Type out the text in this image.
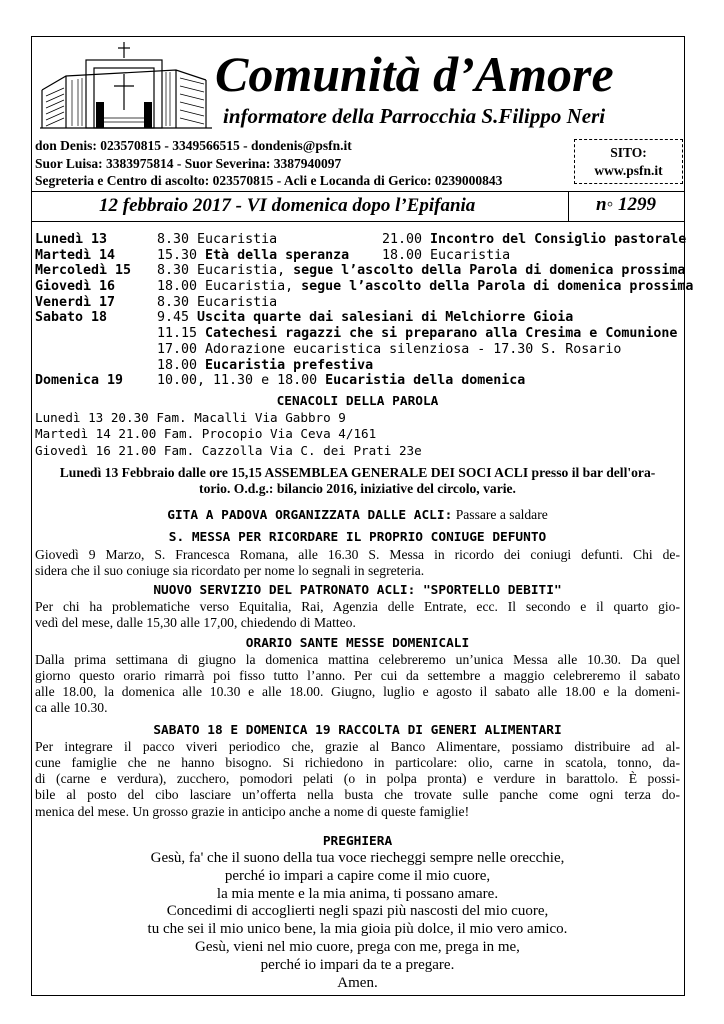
Comunità d’Amore
informatore della Parrocchia S.Filippo Neri
don Denis: 023570815 - 3349566515 - dondenis@psfn.it
Suor Luisa: 3383975814 - Suor Severina: 3387940097
Segreteria e Centro di ascolto: 023570815 - Acli e Locanda di Gerico: 0239000843
SITO:
www.psfn.it
12 febbraio 2017 - VI domenica dopo l’Epifania	n◦ 1299
Lunedì 13	8.30 Eucaristia	21.00 Incontro del Consiglio pastorale
Martedì 14	15.30 Età della speranza 18.00 Eucaristia
Mercoledì 15 8.30 Eucaristia, segue l’ascolto della Parola di domenica prossima
Giovedì 16	18.00 Eucaristia, segue l’ascolto della Parola di domenica prossima
Venerdì 17	8.30 Eucaristia
Sabato 18	9.45 Uscita quarte dai salesiani di Melchiorre Gioia
11.15 Catechesi ragazzi che si preparano alla Cresima e Comunione
17.00 Adorazione eucaristica silenziosa - 17.30 S. Rosario
18.00 Eucaristia prefestiva
Domenica 19	10.00, 11.30 e 18.00 Eucaristia della domenica

CENACOLI DELLA PAROLA

Lunedì 13 20.30 Fam. Macalli Via Gabbro 9

Martedì 14 21.00 Fam. Procopio Via Ceva 4/161

Giovedì 16 21.00 Fam. Cazzolla Via C. dei Prati 23e

Lunedì 13 Febbraio dalle ore 15,15 ASSEMBLEA GENERALE DEI SOCI ACLI presso il bar dell'ora-

torio. O.d.g.: bilancio 2016, iniziative del circolo, varie.

GITA A PADOVA ORGANIZZATA DALLE ACLI: Passare a saldare

S. MESSA PER RICORDARE IL PROPRIO CONIUGE DEFUNTO

Giovedì 9 Marzo, S. Francesca Romana, alle 16.30 S. Messa in ricordo dei coniugi defunti. Chi de-

sidera che il suo coniuge sia ricordato per nome lo segnali in segreteria.

NUOVO SERVIZIO DEL PATRONATO ACLI: "SPORTELLO DEBITI"

Per chi ha problematiche verso Equitalia, Rai, Agenzia delle Entrate, ecc. Il secondo e il quarto gio-

vedì del mese, dalle 15,30 alle 17,00, chiedendo di Matteo.

ORARIO SANTE MESSE DOMENICALI

Dalla prima settimana di giugno la domenica mattina celebreremo un’unica Messa alle 10.30. Da quel

giorno questo orario rimarrà poi fisso tutto l’anno. Per cui da settembre a maggio celebreremo il sabato

alle 18.00, la domenica alle 10.30 e alle 18.00. Giugno, luglio e agosto il sabato alle 18.00 e la domeni-

ca alle 10.30.

SABATO 18 E DOMENICA 19 RACCOLTA DI GENERI ALIMENTARI

Per integrare il pacco viveri periodico che, grazie al Banco Alimentare, possiamo distribuire ad al-

cune famiglie che ne hanno bisogno. Si richiedono in particolare: olio, carne in scatola, tonno, da-

di (carne e verdura), zucchero, pomodori pelati (o in polpa pronta) e verdure in barattolo. È possi-

bile al posto del cibo lasciare un’offerta nella busta che trovate sulle panche come ogni terza do-

menica del mese. Un grosso grazie in anticipo anche a nome di queste famiglie!

PREGHIERA

Gesù, fa' che il suono della tua voce riecheggi sempre nelle orecchie,
perché io impari a capire come il mio cuore,
la mia mente e la mia anima, ti possano amare.
Concedimi di accoglierti negli spazi più nascosti del mio cuore,
tu che sei il mio unico bene, la mia gioia più dolce, il mio vero amico.
Gesù, vieni nel mio cuore, prega con me, prega in me,
perché io impari da te a pregare.
Amen.
